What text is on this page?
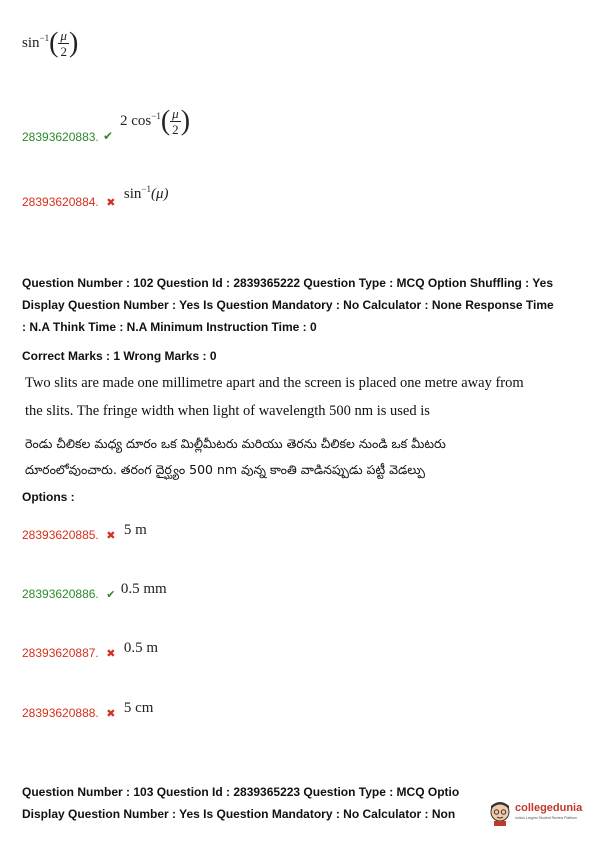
$\sin^{-1}( \frac{\mu}{2}$ )
28393620883. ✔
2 $\cos^{-1}( \frac{\mu}{2}$ )
$_{28393620884.}$ $_✖$ $\sin^{-1}(\mu)$
Question Number : 102 Question Id : 2839365222 Question Type : MCQ Option Shuffling : Yes
Display Question Number : Yes Is Question Mandatory : No Calculator : None Response Time
: N.A Think Time : N.A Minimum Instruction Time : 0
Correct Marks : 1 Wrong Marks : 0
Two slits are made one millimetre apart and the screen is placed one metre away from
the slits. The fringe width when light of wavelength 500 nm is used is
రెండు చీలికల మధ్య దూరం ఒక మిల్లీమీటరు మరియు తెరను చీలికల నుండి ఒక మీటరు
దూరంలోవుంచారు. తరంగ దైర్ఘ్యం 500 nm వున్న కాంతి వాడినప్పుడు పట్టీ వెడల్పు
Options :
$_{28393620885.}$ $_✖$ 5 m
$_{28393620886.}$ $_✔$ 0.5 mm
$_{28393620887.}$ $_✖$ 0.5 m
$_{28393620888.}$ $_✖$ 5 cm
Question Number : 103 Question Id : 2839365223 Question Type : MCQ Optio
Display Question Number : Yes Is Question Mandatory : No Calculator : Non	collegedunia
India's Largest Student Review Platform
